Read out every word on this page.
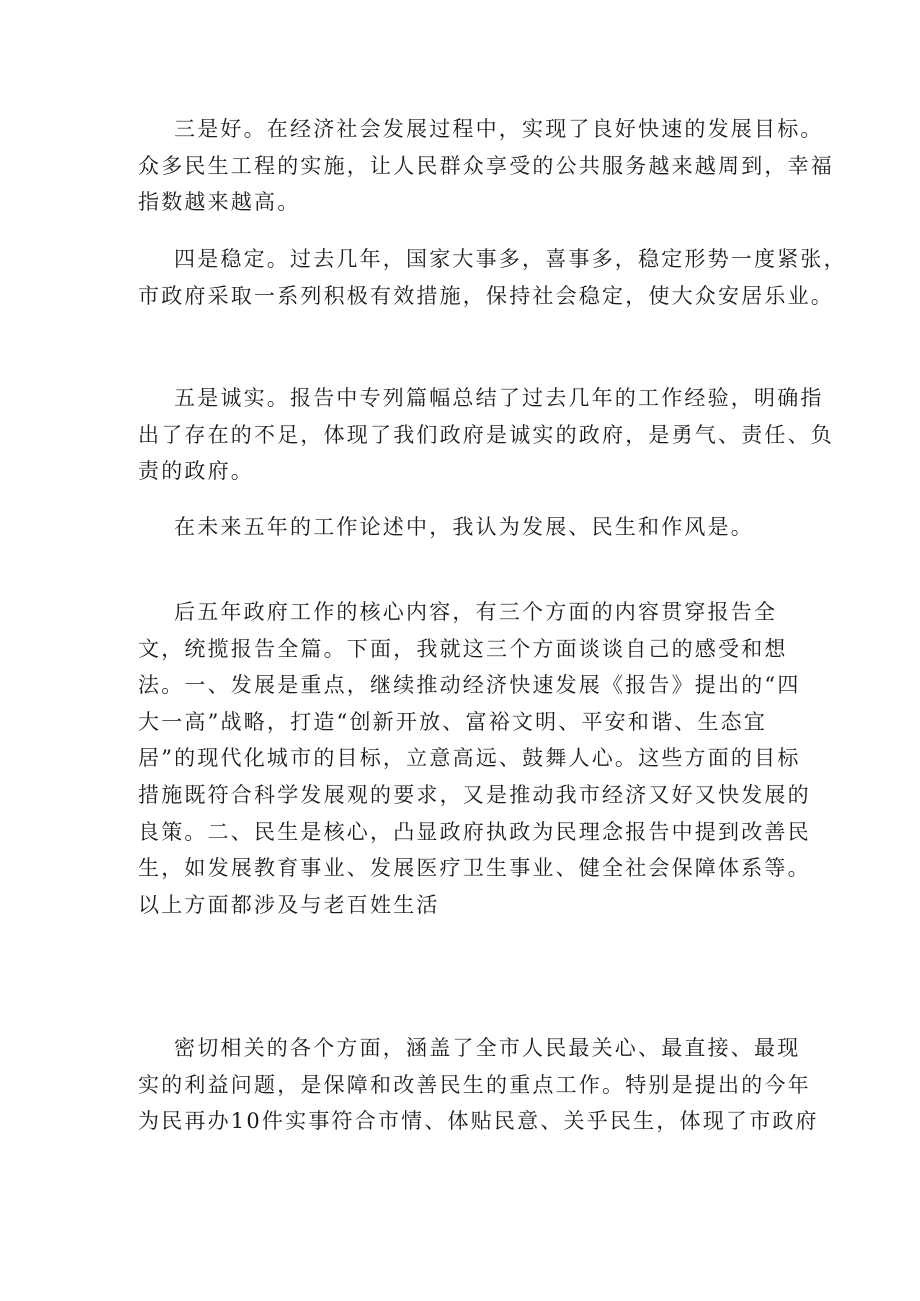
三是好。在经济社会发展过程中，实现了良好快速的发展目标。
众多民生工程的实施，让人民群众享受的公共服务越来越周到，幸福
指数越来越高。
四是稳定。过去几年，国家大事多，喜事多，稳定形势一度紧张，
市政府采取一系列积极有效措施，保持社会稳定，使大众安居乐业。
五是诚实。报告中专列篇幅总结了过去几年的工作经验，明确指
出了存在的不足，体现了我们政府是诚实的政府，是勇气、责任、负
责的政府。
在未来五年的工作论述中，我认为发展、民生和作风是。
后五年政府工作的核心内容，有三个方面的内容贯穿报告全
文，统揽报告全篇。下面，我就这三个方面谈谈自己的感受和想
法。一、发展是重点，继续推动经济快速发展《报告》提出的“四
大一高”战略，打造“创新开放、富裕文明、平安和谐、生态宜
居”的现代化城市的目标，立意高远、鼓舞人心。这些方面的目标
措施既符合科学发展观的要求，又是推动我市经济又好又快发展的
良策。二、民生是核心，凸显政府执政为民理念报告中提到改善民
生，如发展教育事业、发展医疗卫生事业、健全社会保障体系等。
以上方面都涉及与老百姓生活
密切相关的各个方面，涵盖了全市人民最关心、最直接、最现
实的利益问题，是保障和改善民生的重点工作。特别是提出的今年
为民再办10件实事符合市情、体贴民意、关乎民生，体现了市政府
